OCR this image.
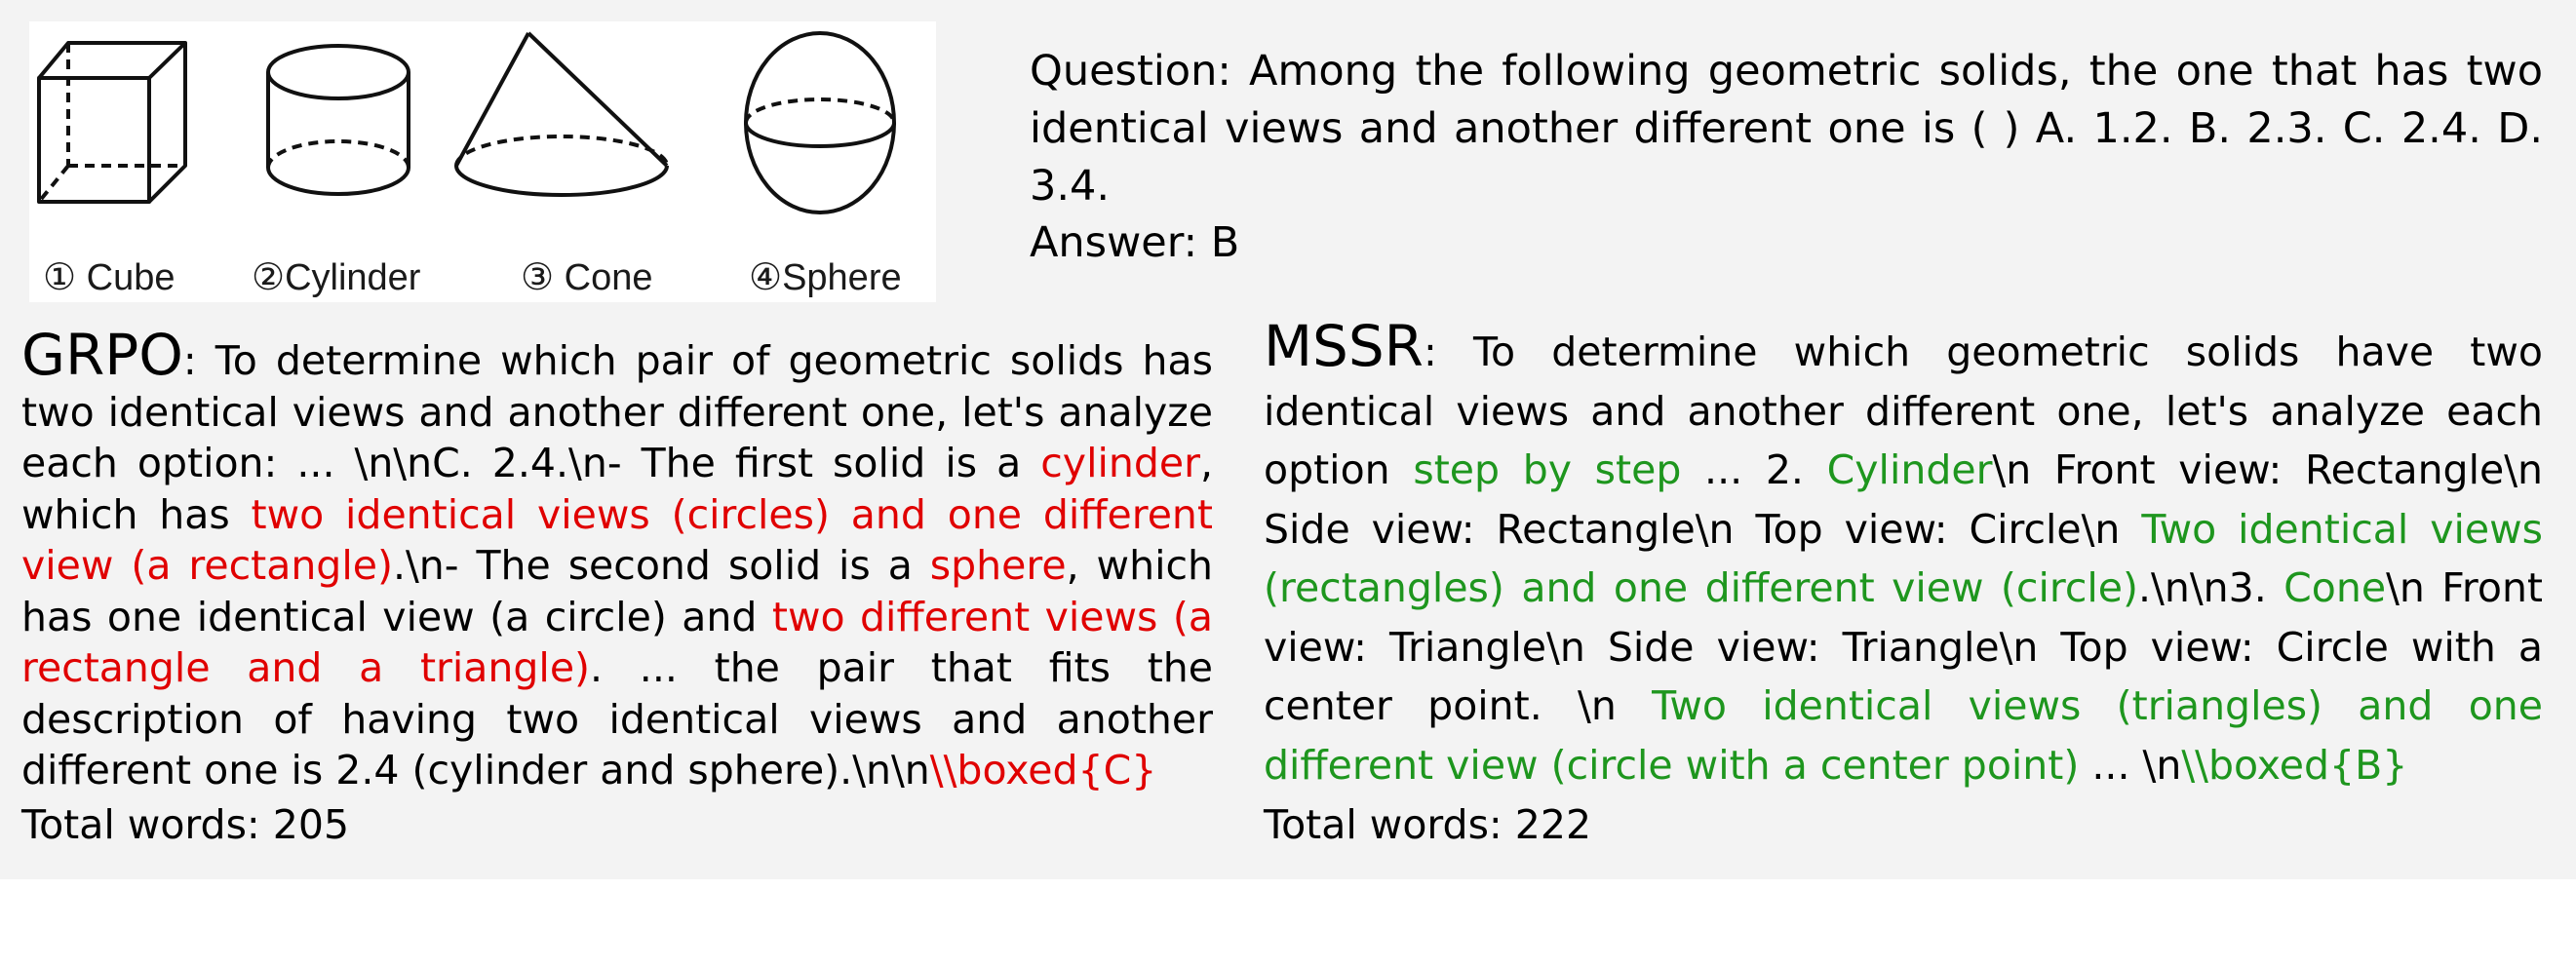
① Cube ②Cylinder	③ Cone	④Sphere
Question: Among the following geometric solids, the one that has two identical views and another different one is ( ) A. 1.2. B. 2.3. C. 2.4. D. 3.4.
Answer: B
GRPO: To determine which pair of geometric solids has two identical views and another different one, let's analyze each option: ... \n\nC. 2.4.\n- The first solid is a cylinder, which has two identical views (circles) and one different view (a rectangle).\n- The second solid is a sphere, which has one identical view (a circle) and two different views (a rectangle and a triangle). ... the pair that fits the description of having two identical views and another different one is 2.4 (cylinder and sphere).\n\n\\boxed{C}
Total words: 205
MSSR: To determine which geometric solids have two identical views and another different one, let's analyze each option step by step ... 2. Cylinder\n Front view: Rectangle\n Side view: Rectangle\n Top view: Circle\n Two identical views (rectangles) and one different view (circle).\n\n3. Cone\n Front view: Triangle\n Side view: Triangle\n Top view: Circle with a center point. \n Two identical views (triangles) and one different view (circle with a center point) ... \n\\boxed{B}
Total words: 222
